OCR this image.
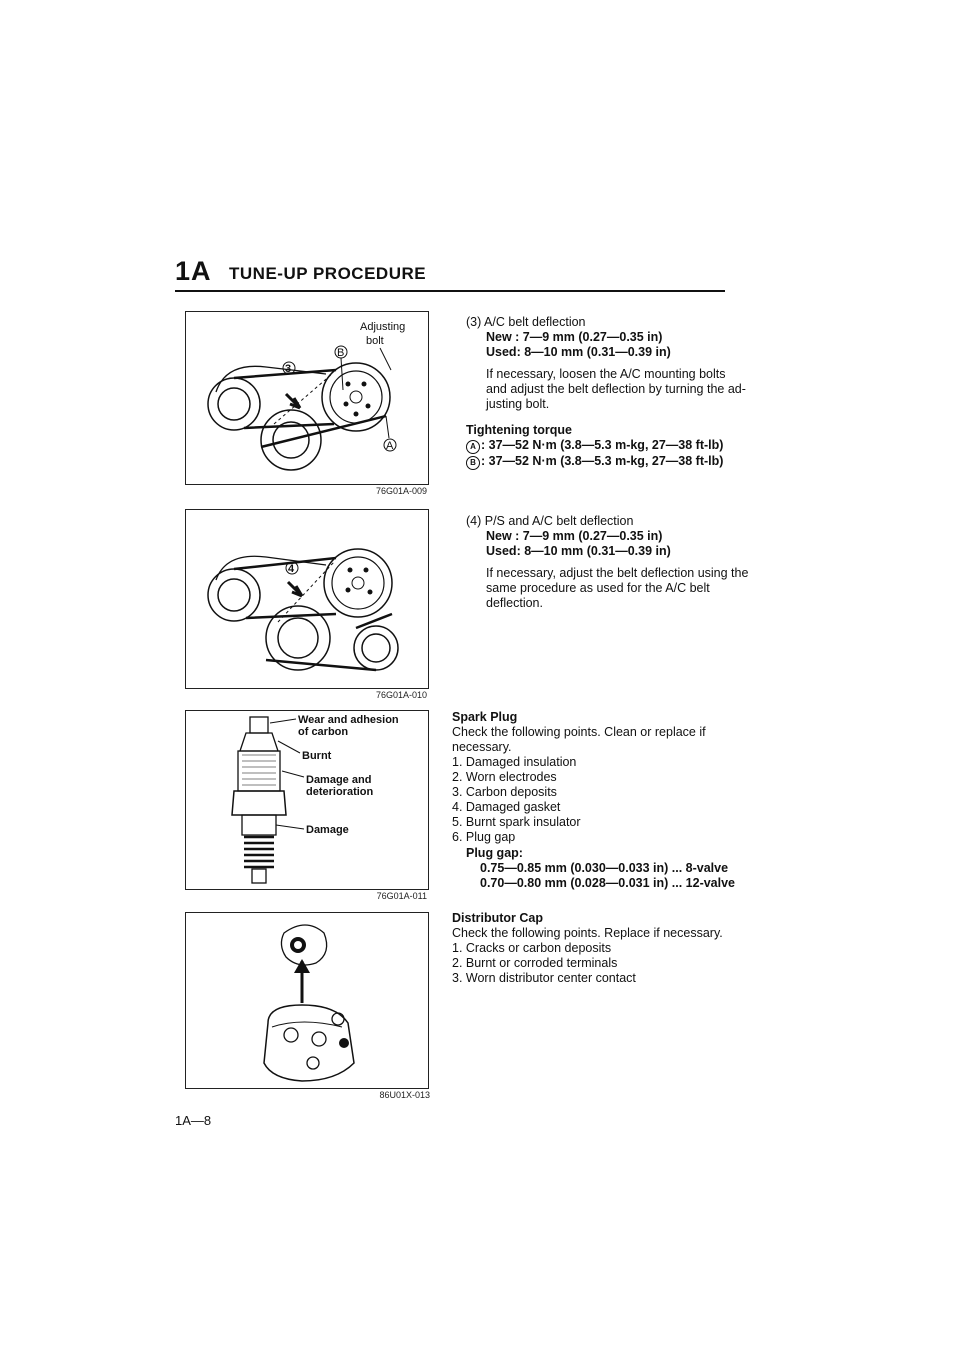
1A TUNE-UP PROCEDURE
3
B
Adjusting
bolt
A
76G01A-009
4
76G01A-010
Wear and adhesion
of carbon
Burnt
Damage and
deterioration
Damage
76G01A-011
86U01X-013
(3) A/C belt deflection
New : 7—9 mm (0.27—0.35 in)
Used: 8—10 mm (0.31—0.39 in)
If necessary, loosen the A/C mounting bolts
and adjust the belt deflection by turning the ad-
justing bolt.
Tightening torque
A : 37—52 N·m (3.8—5.3 m-kg, 27—38 ft-lb)
B : 37—52 N·m (3.8—5.3 m-kg, 27—38 ft-lb)
(4) P/S and A/C belt deflection
New : 7—9 mm (0.27—0.35 in)
Used: 8—10 mm (0.31—0.39 in)
If necessary, adjust the belt deflection using the
same procedure as used for the A/C belt
deflection.
Spark Plug
Check the following points. Clean or replace if
necessary.
1. Damaged insulation
2. Worn electrodes
3. Carbon deposits
4. Damaged gasket
5. Burnt spark insulator
6. Plug gap
Plug gap:
0.75—0.85 mm (0.030—0.033 in) ... 8-valve
0.70—0.80 mm (0.028—0.031 in) ... 12-valve
Distributor Cap
Check the following points. Replace if necessary.
1. Cracks or carbon deposits
2. Burnt or corroded terminals
3. Worn distributor center contact
1A—8
